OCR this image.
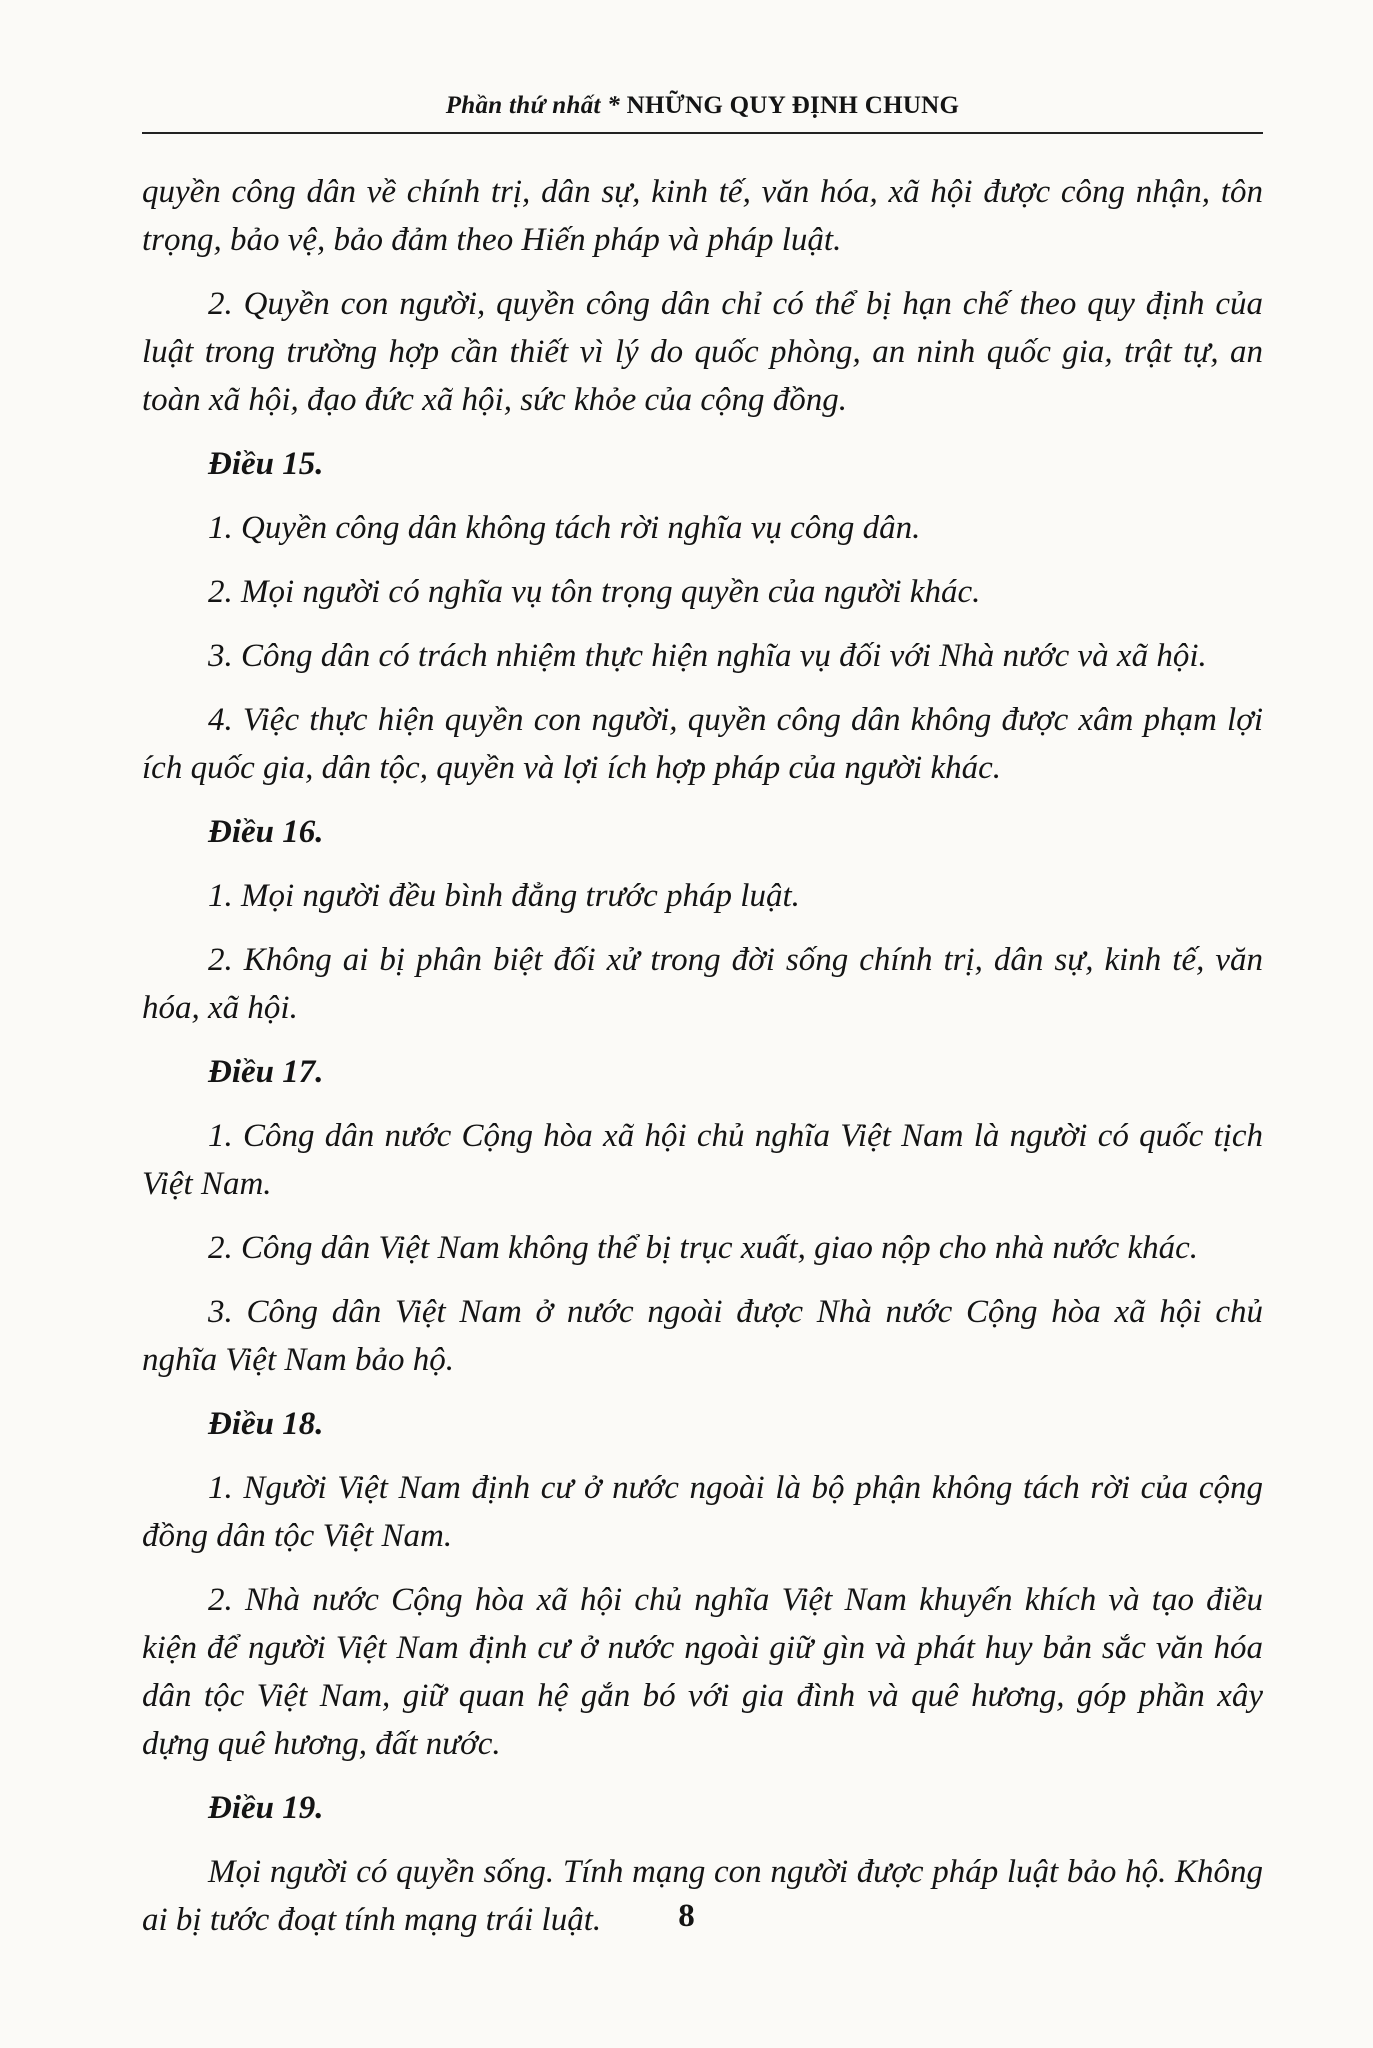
Phần thứ nhất * NHỮNG QUY ĐỊNH CHUNG
quyền công dân về chính trị, dân sự, kinh tế, văn hóa, xã hội được công nhận, tôn trọng, bảo vệ, bảo đảm theo Hiến pháp và pháp luật.
2. Quyền con người, quyền công dân chỉ có thể bị hạn chế theo quy định của luật trong trường hợp cần thiết vì lý do quốc phòng, an ninh quốc gia, trật tự, an toàn xã hội, đạo đức xã hội, sức khỏe của cộng đồng.
Điều 15.
1. Quyền công dân không tách rời nghĩa vụ công dân.
2. Mọi người có nghĩa vụ tôn trọng quyền của người khác.
3. Công dân có trách nhiệm thực hiện nghĩa vụ đối với Nhà nước và xã hội.
4. Việc thực hiện quyền con người, quyền công dân không được xâm phạm lợi ích quốc gia, dân tộc, quyền và lợi ích hợp pháp của người khác.
Điều 16.
1. Mọi người đều bình đẳng trước pháp luật.
2. Không ai bị phân biệt đối xử trong đời sống chính trị, dân sự, kinh tế, văn hóa, xã hội.
Điều 17.
1. Công dân nước Cộng hòa xã hội chủ nghĩa Việt Nam là người có quốc tịch Việt Nam.
2. Công dân Việt Nam không thể bị trục xuất, giao nộp cho nhà nước khác.
3. Công dân Việt Nam ở nước ngoài được Nhà nước Cộng hòa xã hội chủ nghĩa Việt Nam bảo hộ.
Điều 18.
1. Người Việt Nam định cư ở nước ngoài là bộ phận không tách rời của cộng đồng dân tộc Việt Nam.
2. Nhà nước Cộng hòa xã hội chủ nghĩa Việt Nam khuyến khích và tạo điều kiện để người Việt Nam định cư ở nước ngoài giữ gìn và phát huy bản sắc văn hóa dân tộc Việt Nam, giữ quan hệ gắn bó với gia đình và quê hương, góp phần xây dựng quê hương, đất nước.
Điều 19.
Mọi người có quyền sống. Tính mạng con người được pháp luật bảo hộ. Không ai bị tước đoạt tính mạng trái luật.	8
